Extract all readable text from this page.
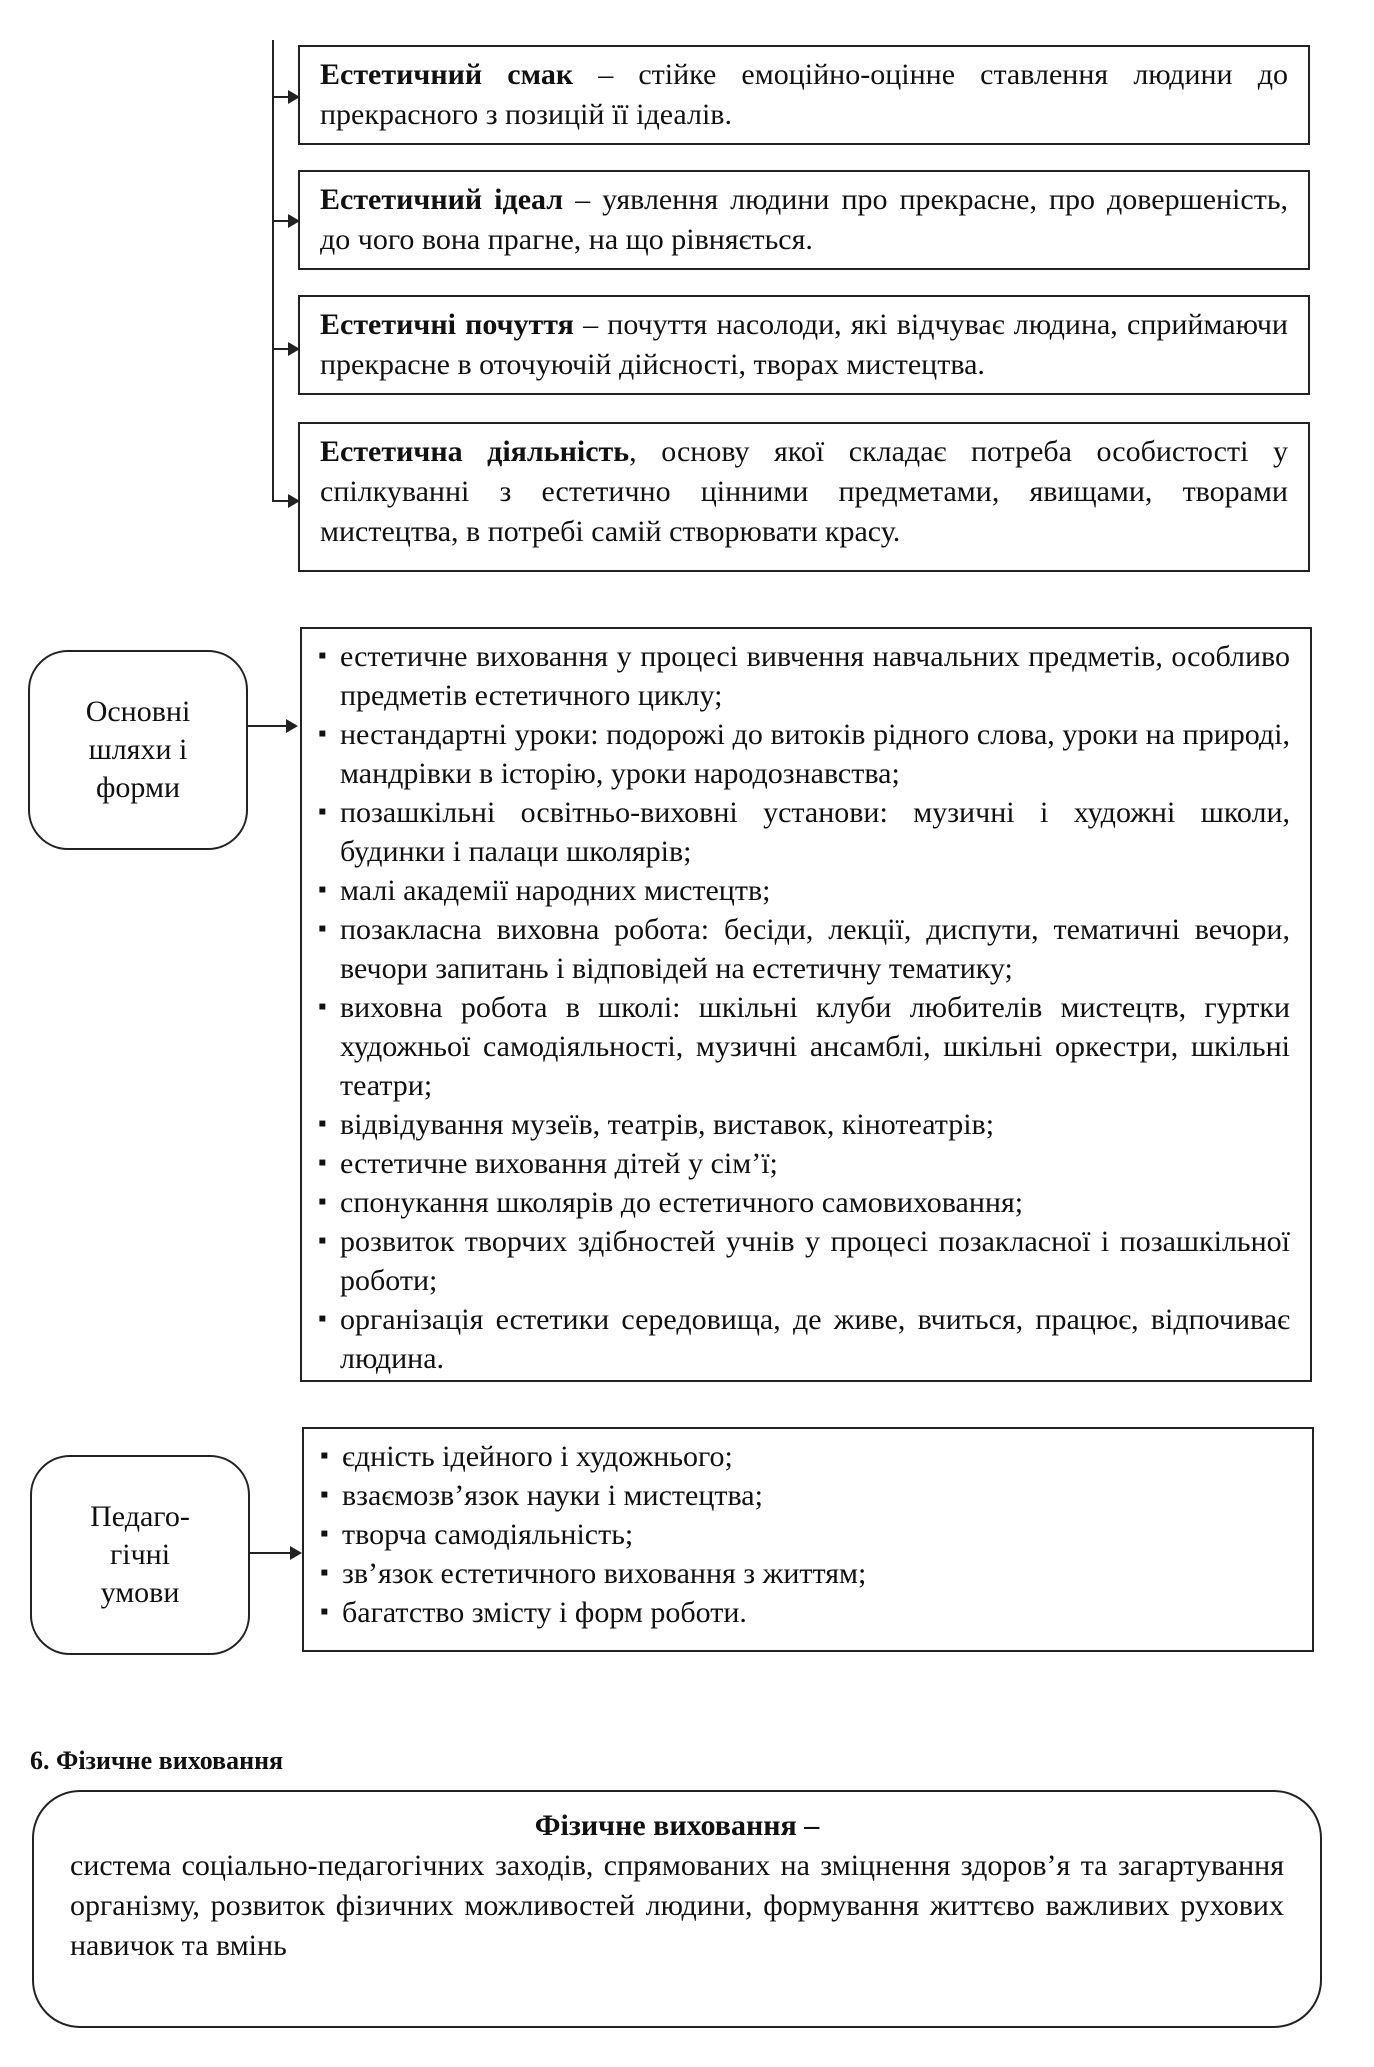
Естетичний смак – стійке емоційно-оцінне ставлення людини до прекрасного з позицій її ідеалів.
Естетичний ідеал – уявлення людини про прекрасне, про довершеність, до чого вона прагне, на що рівняється.
Естетичні почуття – почуття насолоди, які відчуває людина, сприймаючи прекрасне в оточуючій дійсності, творах мистецтва.
Естетична діяльність, основу якої складає потреба особистості у спілкуванні з естетично цінними предметами, явищами, творами мистецтва, в потребі самій створювати красу.
Основні шляхи і форми
▪ естетичне виховання у процесі вивчення навчальних предметів, особливо предметів естетичного циклу;
▪ нестандартні уроки: подорожі до витоків рідного слова, уроки на природі, мандрівки в історію, уроки народознавства;
▪ позашкільні освітньо-виховні установи: музичні і художні школи, будинки і палаци школярів;
▪ малі академії народних мистецтв;
▪ позакласна виховна робота: бесіди, лекції, диспути, тематичні вечори, вечори запитань і відповідей на естетичну тематику;
▪ виховна робота в школі: шкільні клуби любителів мистецтв, гуртки художньої самодіяльності, музичні ансамблі, шкільні оркестри, шкільні театри;
▪ відвідування музеїв, театрів, виставок, кінотеатрів;
▪ естетичне виховання дітей у сім’ї;
▪ спонукання школярів до естетичного самовиховання;
▪ розвиток творчих здібностей учнів у процесі позакласної і позашкільної роботи;
▪ організація естетики середовища, де живе, вчиться, працює, відпочиває людина.
Педаго-гічні умови
▪ єдність ідейного і художнього;
▪ взаємозв’язок науки і мистецтва;
▪ творча самодіяльність;
▪ зв’язок естетичного виховання з життям;
▪ багатство змісту і форм роботи.
6. Фізичне виховання
Фізичне виховання –
система соціально-педагогічних заходів, спрямованих на зміцнення здоров’я та загартування організму, розвиток фізичних можливостей людини, формування життєво важливих рухових навичок та вмінь
